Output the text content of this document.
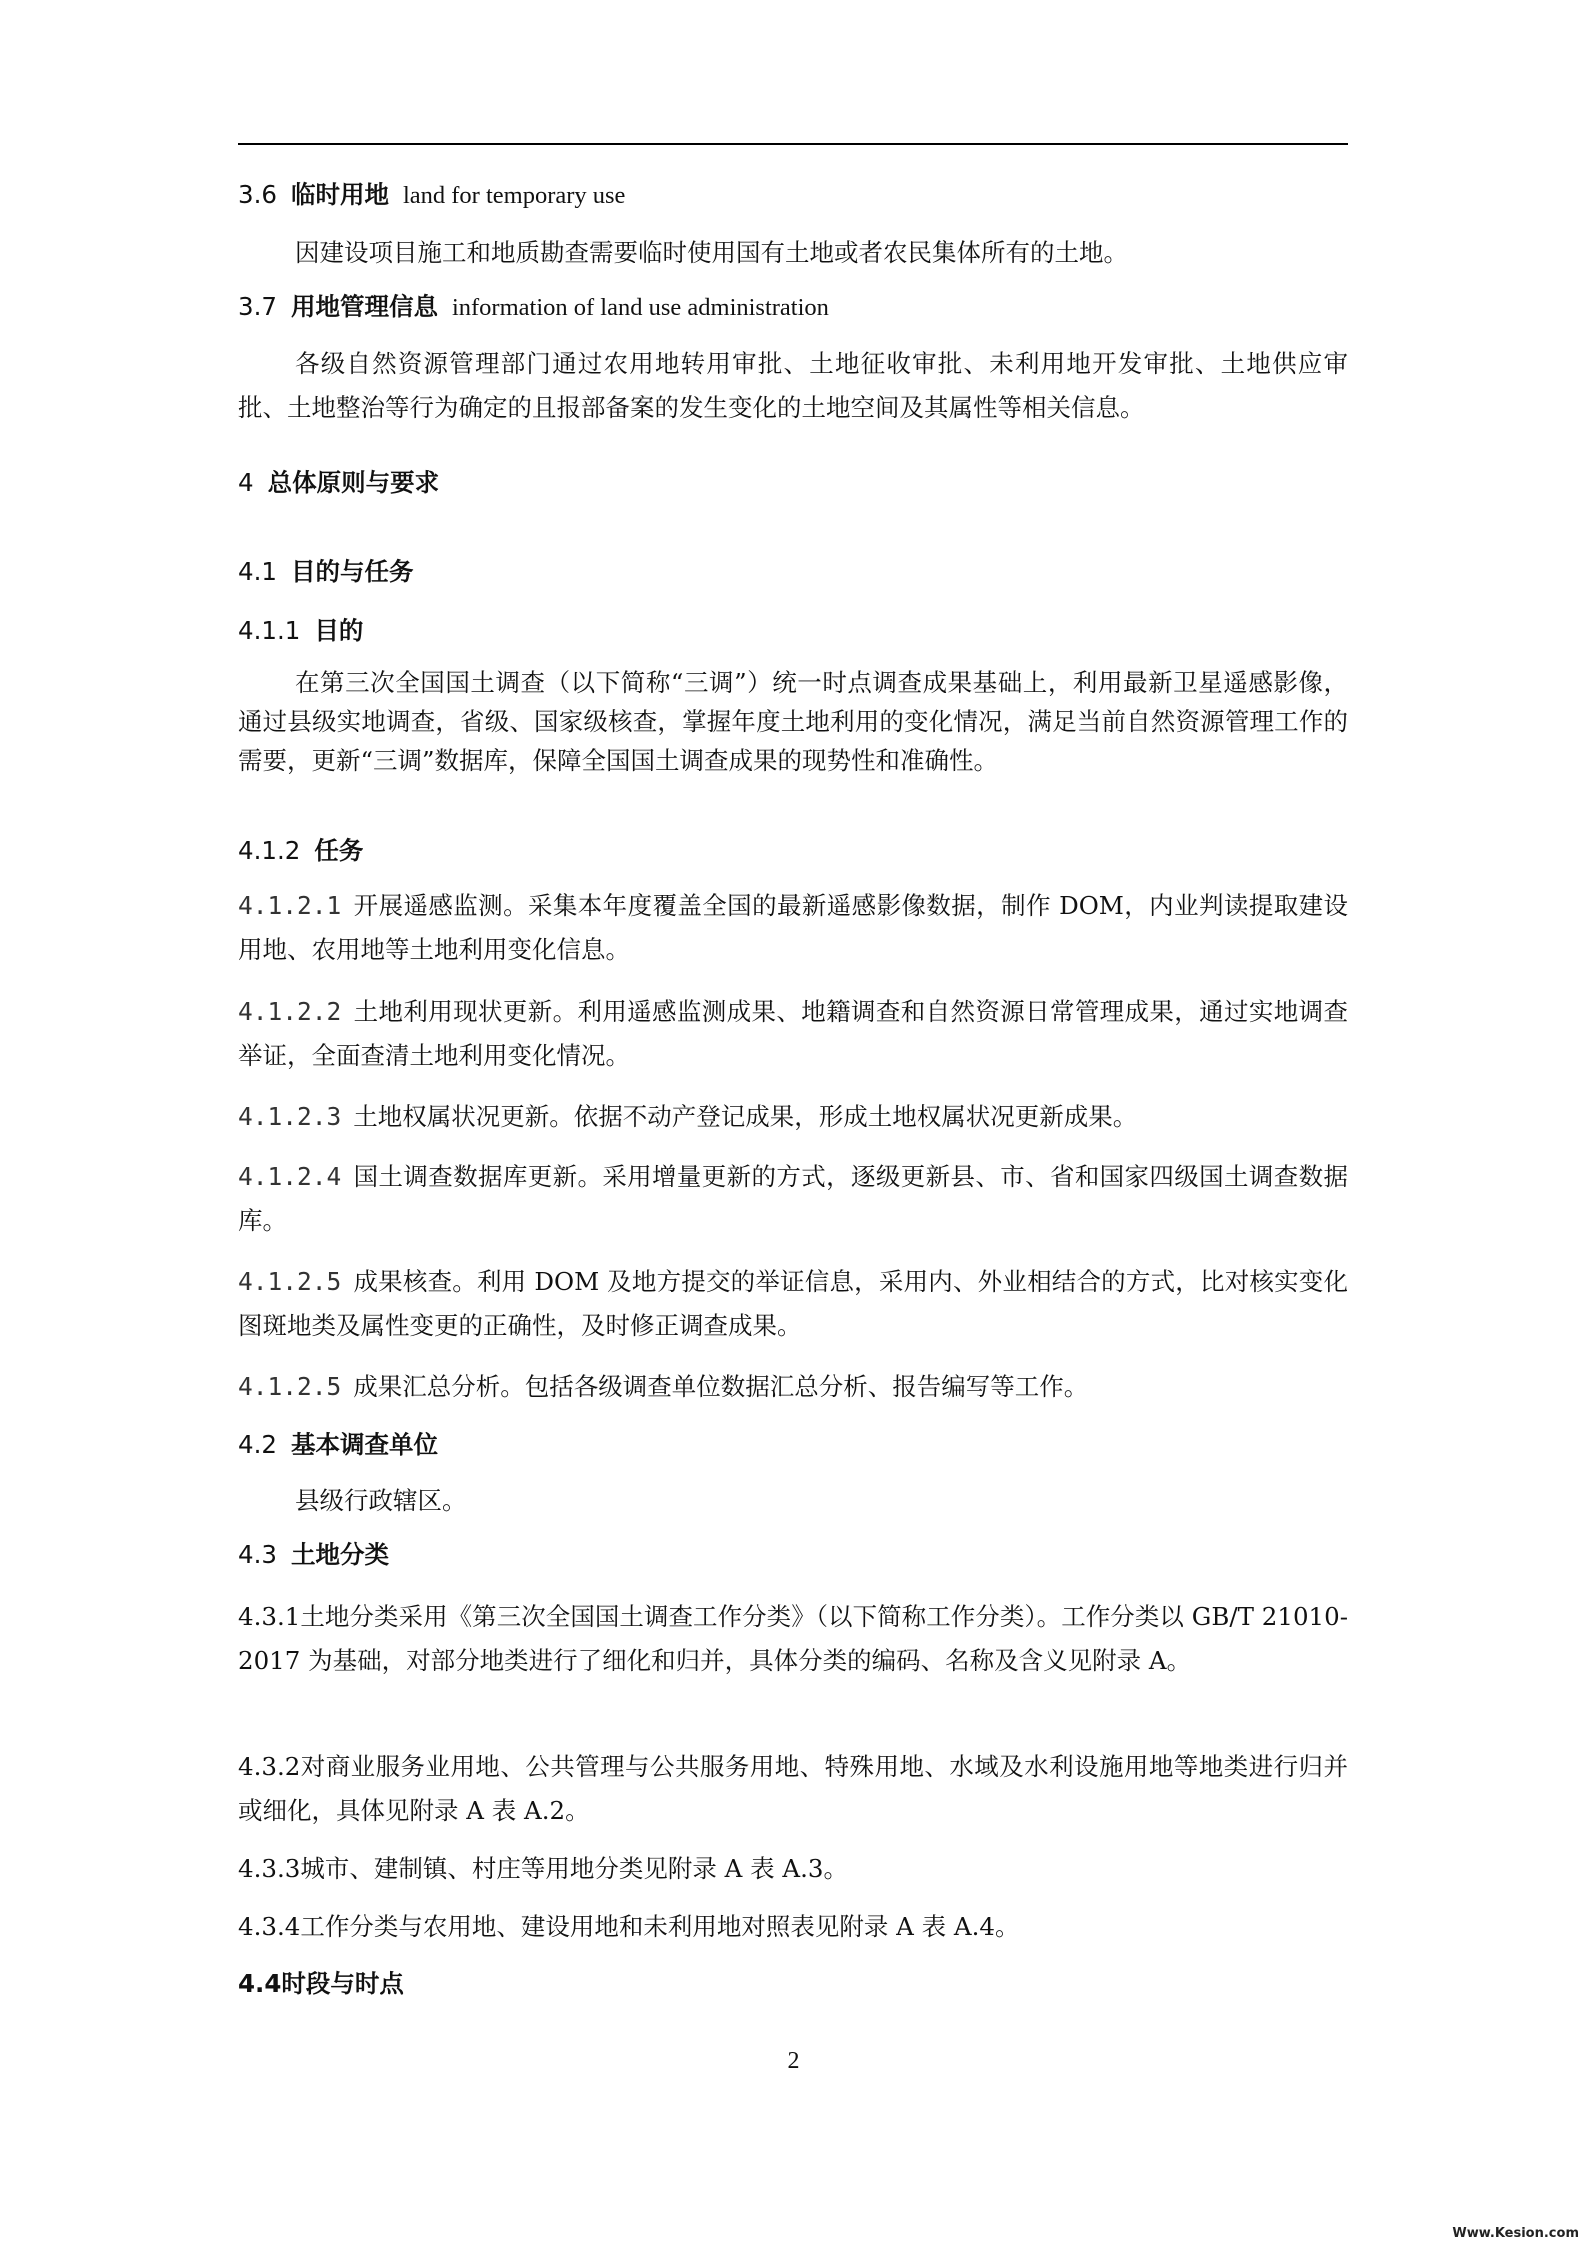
3.6 临时用地 land for temporary use
因建设项目施工和地质勘查需要临时使用国有土地或者农民集体所有的土地。
3.7 用地管理信息 information of land use administration
各级自然资源管理部门通过农用地转用审批、土地征收审批、未利用地开发审批、土地供应审批、土地整治等行为确定的且报部备案的发生变化的土地空间及其属性等相关信息。
4 总体原则与要求
4.1 目的与任务
4.1.1 目的
在第三次全国国土调查（以下简称“三调”）统一时点调查成果基础上，利用最新卫星遥感影像，通过县级实地调查，省级、国家级核查，掌握年度土地利用的变化情况，满足当前自然资源管理工作的需要，更新“三调”数据库，保障全国国土调查成果的现势性和准确性。
4.1.2 任务
4.1.2.1 开展遥感监测。采集本年度覆盖全国的最新遥感影像数据，制作 DOM，内业判读提取建设用地、农用地等土地利用变化信息。
4.1.2.2 土地利用现状更新。利用遥感监测成果、地籍调查和自然资源日常管理成果，通过实地调查举证，全面查清土地利用变化情况。
4.1.2.3 土地权属状况更新。依据不动产登记成果，形成土地权属状况更新成果。
4.1.2.4 国土调查数据库更新。采用增量更新的方式，逐级更新县、市、省和国家四级国土调查数据库。
4.1.2.5 成果核查。利用 DOM 及地方提交的举证信息，采用内、外业相结合的方式，比对核实变化图斑地类及属性变更的正确性，及时修正调查成果。
4.1.2.5 成果汇总分析。包括各级调查单位数据汇总分析、报告编写等工作。
4.2 基本调查单位
县级行政辖区。
4.3 土地分类
4.3.1土地分类采用《第三次全国国土调查工作分类》（以下简称工作分类）。工作分类以 GB/T 21010-2017 为基础，对部分地类进行了细化和归并，具体分类的编码、名称及含义见附录 A。
4.3.2对商业服务业用地、公共管理与公共服务用地、特殊用地、水域及水利设施用地等地类进行归并或细化，具体见附录 A 表 A.2。
4.3.3城市、建制镇、村庄等用地分类见附录 A 表 A.3。
4.3.4工作分类与农用地、建设用地和未利用地对照表见附录 A 表 A.4。
4.4时段与时点
2
Www.Kesion.com
